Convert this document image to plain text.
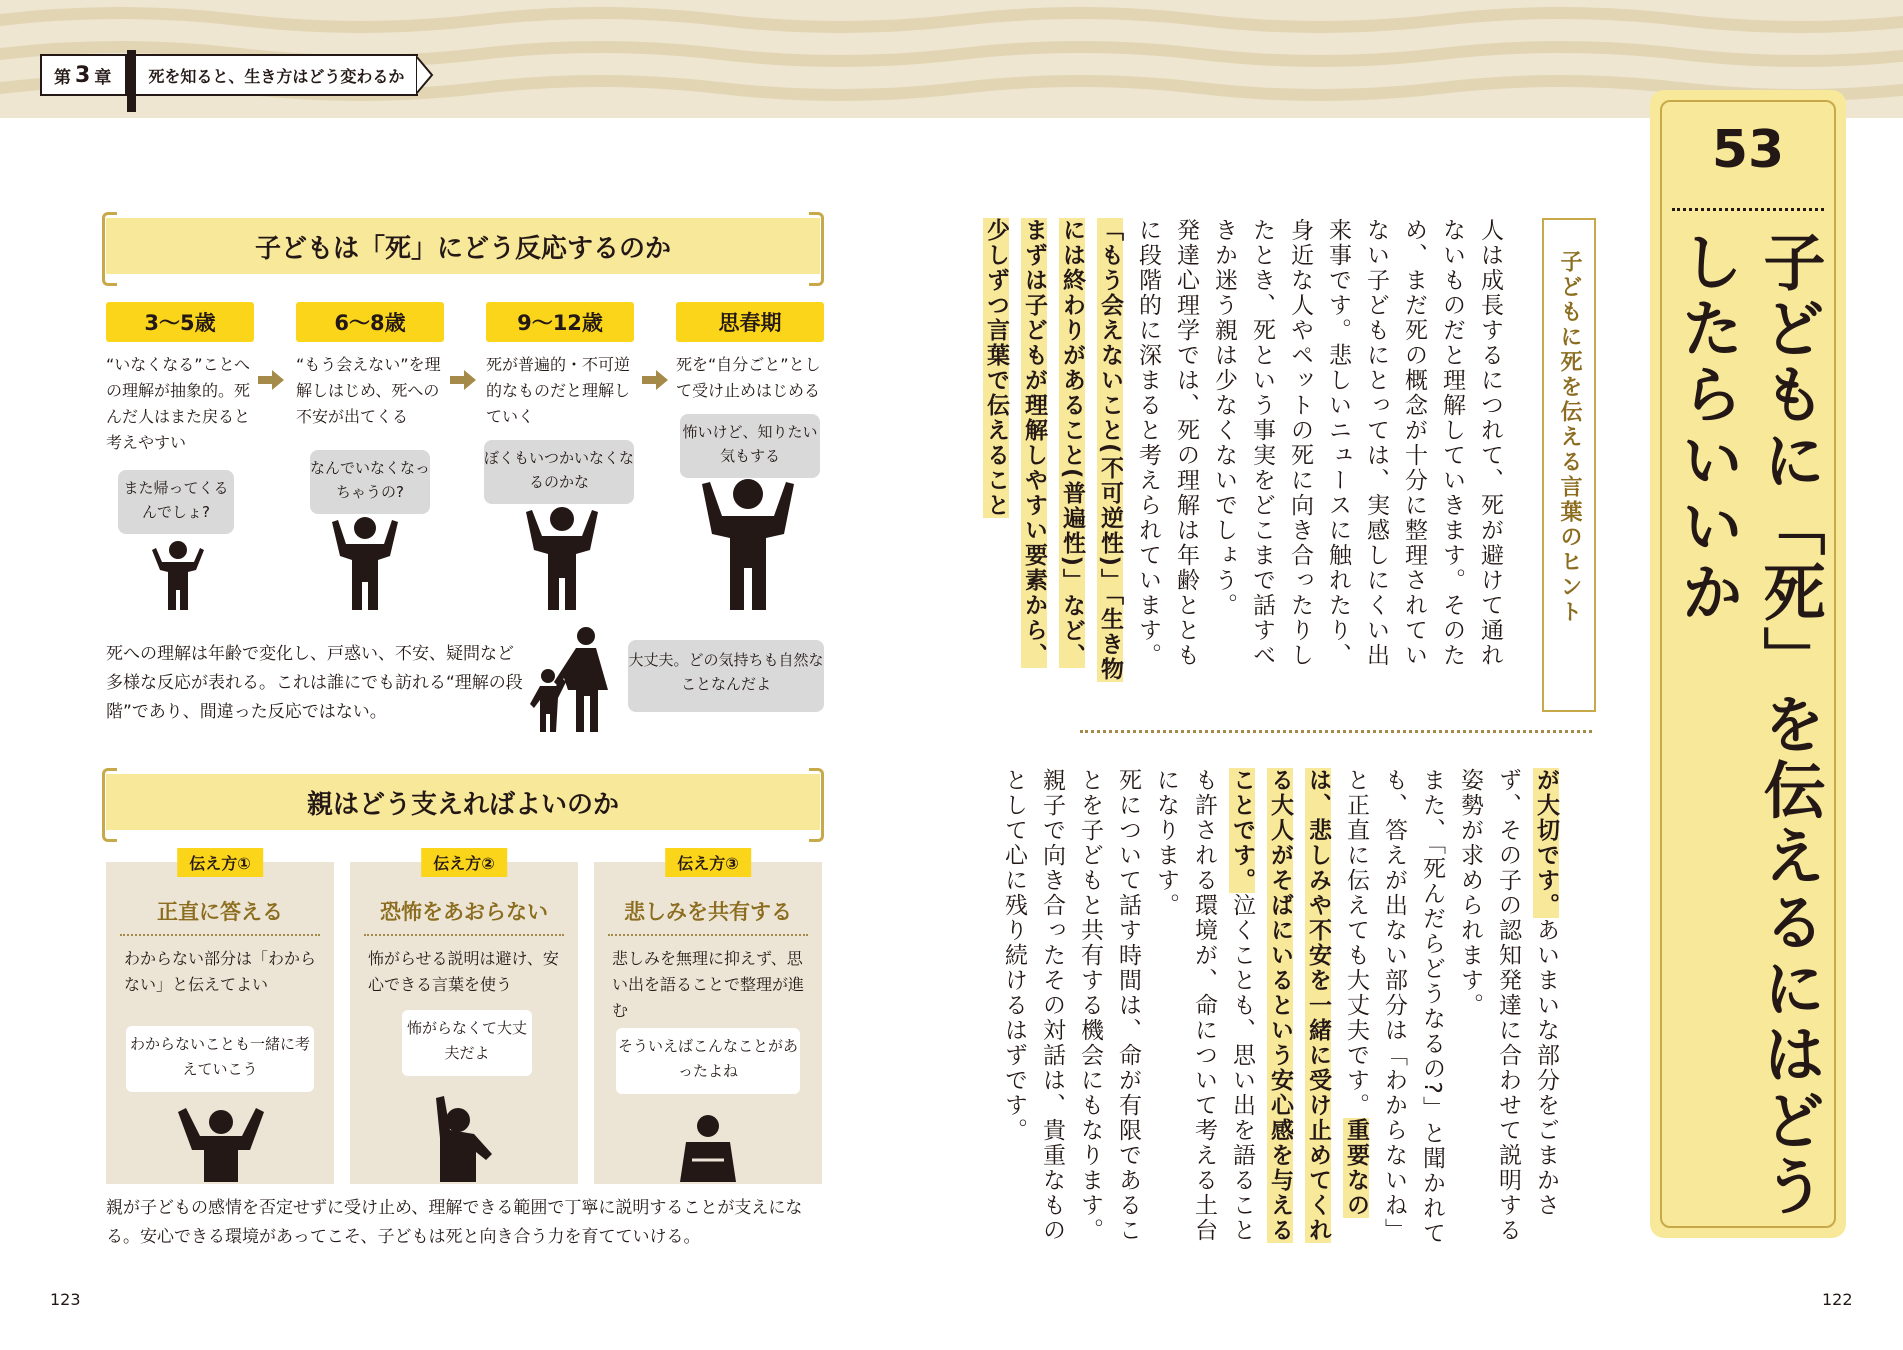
第 3 章	死を知ると、生き方はどう変わるか
子どもは「死」にどう反応するのか
3〜5歳
“いなくなる”ことへの理解が抽象的。死んだ人はまた戻ると考えやすい
また帰ってくるんでしょ?
6〜8歳
“もう会えない”を理解しはじめ、死への不安が出てくる
なんでいなくなっちゃうの?
9〜12歳
死が普遍的・不可逆的なものだと理解していく
ぼくもいつかいなくなるのかな
思春期
死を“自分ごと”として受け止めはじめる
怖いけど、知りたい気もする
死への理解は年齢で変化し、戸惑い、不安、疑問など多様な反応が表れる。これは誰にでも訪れる“理解の段階”であり、間違った反応ではない。
大丈夫。どの気持ちも自然なことなんだよ
親はどう支えればよいのか
伝え方①
正直に答える
わからない部分は「わからない」と伝えてよい
わからないことも一緒に考えていこう
伝え方②
恐怖をあおらない
怖がらせる説明は避け、安心できる言葉を使う
怖がらなくて大丈夫だよ
伝え方③
悲しみを共有する
悲しみを無理に抑えず、思い出を語ることで整理が進む
そういえばこんなことがあったよね
親が子どもの感情を否定せずに受け止め、理解できる範囲で丁寧に説明することが支えになる。安心できる環境があってこそ、子どもは死と向き合う力を育てていける。
123
53
子どもに「死」を伝えるにはどうしたらいいか
子どもに死を伝える言葉のヒント

人は成長するにつれて、死が避けて通れないものだと理解していきます。そのため、まだ死の概念が十分に整理されていない子どもにとっては、実感しにくい出来事です。悲しいニュースに触れたり、身近な人やペットの死に向き合ったりしたとき、死という事実をどこまで話すべきか迷う親は少なくないでしょう。

発達心理学では、死の理解は年齢とともに段階的に深まると考えられています。「もう会えないこと(不可逆性)」「生き物には終わりがあること(普遍性)」など、まずは子どもが理解しやすい要素から、少しずつ言葉で伝えること

が大切です。あいまいな部分をごまかさず、その子の認知発達に合わせて説明する姿勢が求められます。

また、「死んだらどうなるの?」と聞かれても、答えが出ない部分は「わからないね」と正直に伝えても大丈夫です。重要なのは、悲しみや不安を一緒に受け止めてくれる大人がそばにいるという安心感を与えることです。泣くことも、思い出を語ることも許される環境が、命について考える土台になります。

死について話す時間は、命が有限であることを子どもと共有する機会にもなります。親子で向き合ったその対話は、貴重なものとして心に残り続けるはずです。

122
